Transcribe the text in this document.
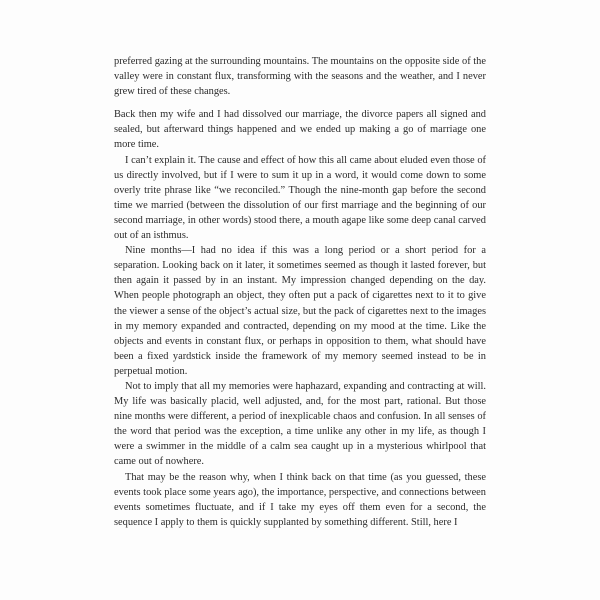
preferred gazing at the surrounding mountains. The mountains on the opposite side of the valley were in constant flux, transforming with the seasons and the weather, and I never grew tired of these changes.

Back then my wife and I had dissolved our marriage, the divorce papers all signed and sealed, but afterward things happened and we ended up making a go of marriage one more time.

I can’t explain it. The cause and effect of how this all came about eluded even those of us directly involved, but if I were to sum it up in a word, it would come down to some overly trite phrase like “we reconciled.” Though the nine-month gap before the second time we married (between the dissolution of our first marriage and the beginning of our second marriage, in other words) stood there, a mouth agape like some deep canal carved out of an isthmus.

Nine months—I had no idea if this was a long period or a short period for a separation. Looking back on it later, it sometimes seemed as though it lasted forever, but then again it passed by in an instant. My impression changed depending on the day. When people photograph an object, they often put a pack of cigarettes next to it to give the viewer a sense of the object’s actual size, but the pack of cigarettes next to the images in my memory expanded and contracted, depending on my mood at the time. Like the objects and events in constant flux, or perhaps in opposition to them, what should have been a fixed yardstick inside the framework of my memory seemed instead to be in perpetual motion.

Not to imply that all my memories were haphazard, expanding and contracting at will. My life was basically placid, well adjusted, and, for the most part, rational. But those nine months were different, a period of inexplicable chaos and confusion. In all senses of the word that period was the exception, a time unlike any other in my life, as though I were a swimmer in the middle of a calm sea caught up in a mysterious whirlpool that came out of nowhere.

That may be the reason why, when I think back on that time (as you guessed, these events took place some years ago), the importance, perspective, and connections between events sometimes fluctuate, and if I take my eyes off them even for a second, the sequence I apply to them is quickly supplanted by something different. Still, here I
